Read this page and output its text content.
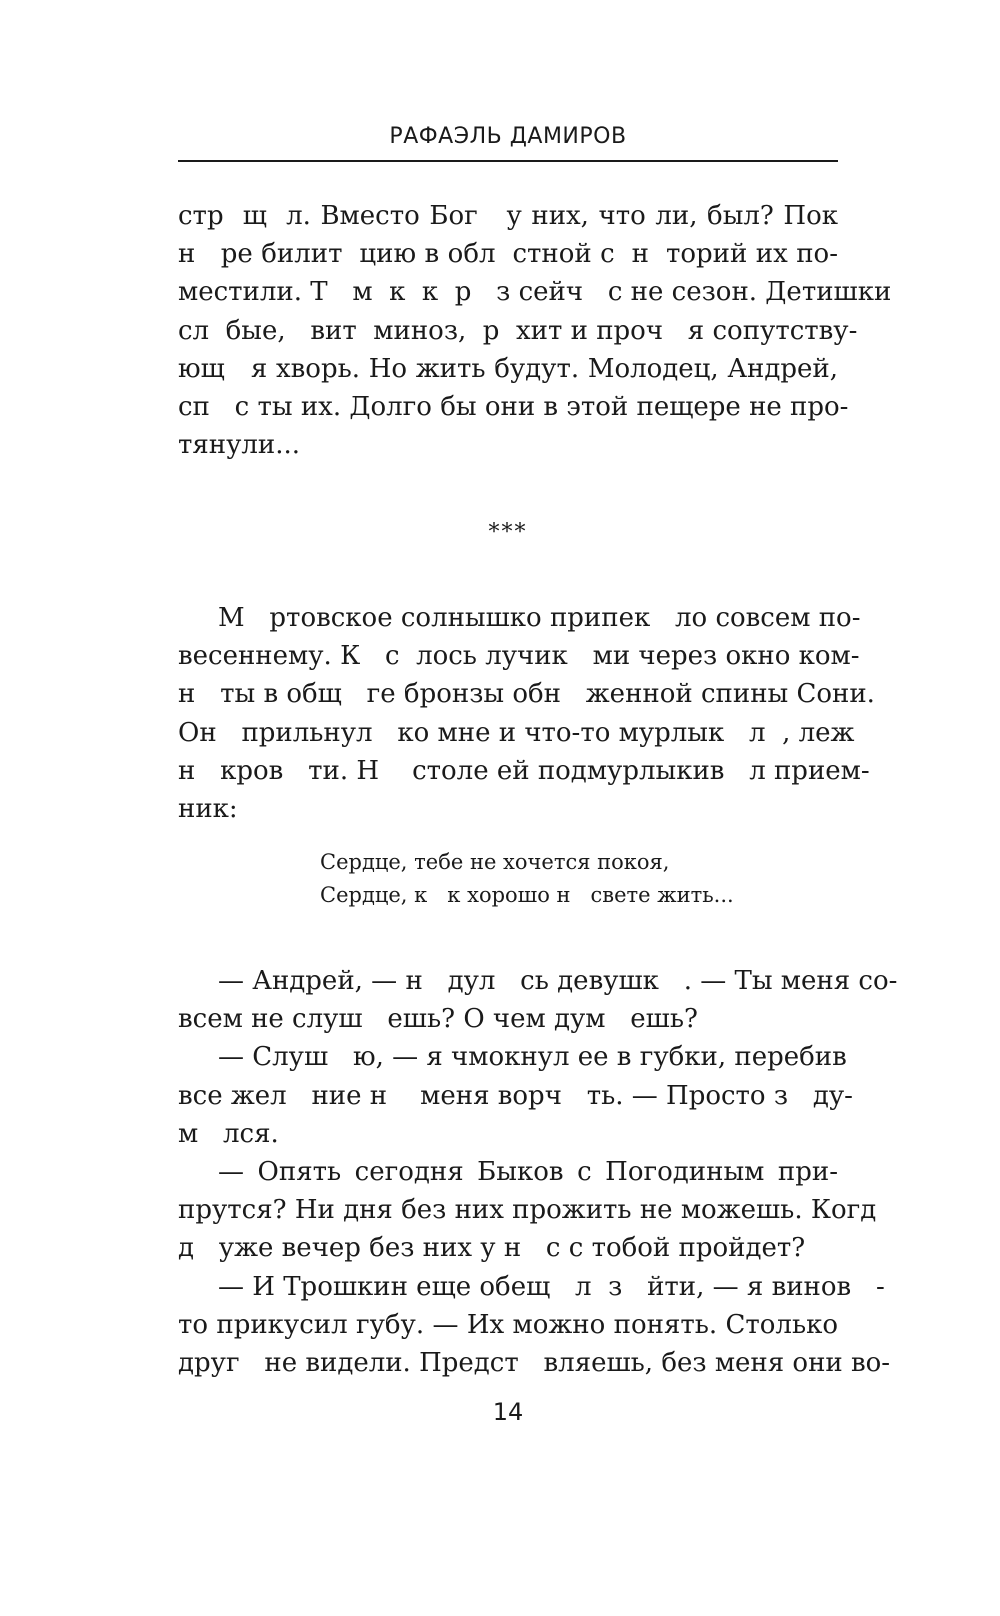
РАФАЭЛЬ ДАМИРОВ
стр  щ  л. Вместо Бог   у них, что ли, был? Пок
н   ре билит  цию в обл  стной с  н  торий их по-
местили. Т   м  к  к  р   з сейч   с не сезон. Детишки
сл  бые,   вит  миноз,  р  хит и проч   я сопутству-
ющ   я хворь. Но жить будут. Молодец, Андрей,
сп   с ты их. Долго бы они в этой пещере не про-
тянули...
***
М   ртовское солнышко припек   ло совсем по-
весеннему. К   с  лось лучик   ми через окно ком-
н   ты в общ   ге бронзы обн   женной спины Сони.
Он   прильнул   ко мне и что-то мурлык   л  , леж
н   кров   ти. Н    столе ей подмурлыкив   л прием-
ник:
Сердце, тебе не хочется покоя,
Сердце, к   к хорошо н   свете жить...
— Андрей, — н   дул   сь девушк   . — Ты меня со-
всем не слуш   ешь? О чем дум   ешь?
— Слуш   ю, — я чмокнул ее в губки, перебив
все жел   ние н    меня ворч   ть. — Просто з   ду-
м   лся.
— Опять сегодня Быков с Погодиным при-
прутся? Ни дня без них прожить не можешь. Когд
д   уже вечер без них у н   с с тобой пройдет?
— И Трошкин еще обещ   л  з   йти, — я винов   -
то прикусил губу. — Их можно понять. Столько
друг   не видели. Предст   вляешь, без меня они во-
14
